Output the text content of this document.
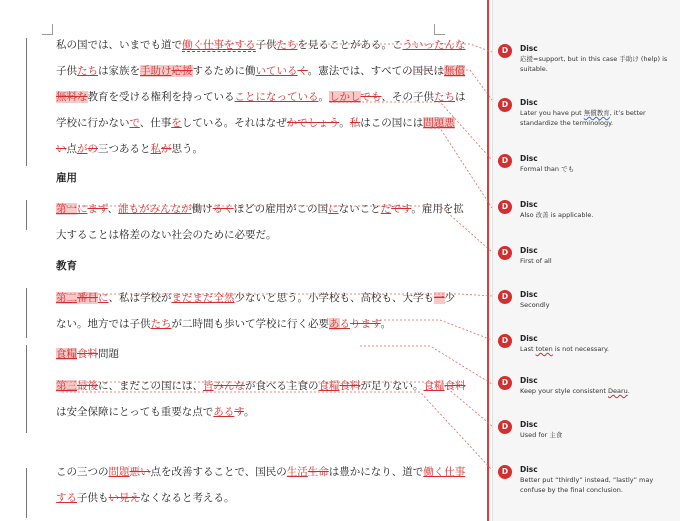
私の国では、いまでも道で働く仕事をする子供たちを見ることがある。こういったんな
子供たちは家族を手助け応援するために働いているく。憲法では、すべての国民は無償
無料な教育を受ける権利を持っていることになっている。しかしでも、その子供たちは
学校に行かないで、仕事をしている。それはなぜかでしょう。私はこの国には問題悪
い点がの三つあると私が思う。
雇用
第一にまず、誰もがみんなが働けるくほどの雇用がこの国にないことだです。雇用を拡
大することは格差のない社会のために必要だ。
教育
第二番目に、私は学校がまだまだ全然少ないと思う。小学校も、高校も、大学も一少
ない。地方では子供たちが二時間も歩いて学校に行く必要あるります。
食糧食料問題
第三最後に、まだこの国には、皆みんなが食べる主食の食糧食料が足りない。食糧食料
は安全保障にとっても重要な点であるす。
この三つの問題悪い点を改善することで、国民の生活生命は豊かになり、道で働く仕事
する子供もい見えなくなると考える。
D	Disc
応援=support, but in this case 手助け (help) is suitable.
D	Disc
Later you have put 無償教育, it’s better standardize the terminology.
D	Disc
Formal than でも
D	Disc
Also 改善 is applicable.
D	Disc
First of all
D	Disc
Secondly
D	Disc
Last toten is not necessary.
D	Disc
Keep your style consistent Dearu.
D	Disc
Used for 主食
D	Disc
Better put “thirdly” instead, “lastly” may confuse by the final conclusion.
